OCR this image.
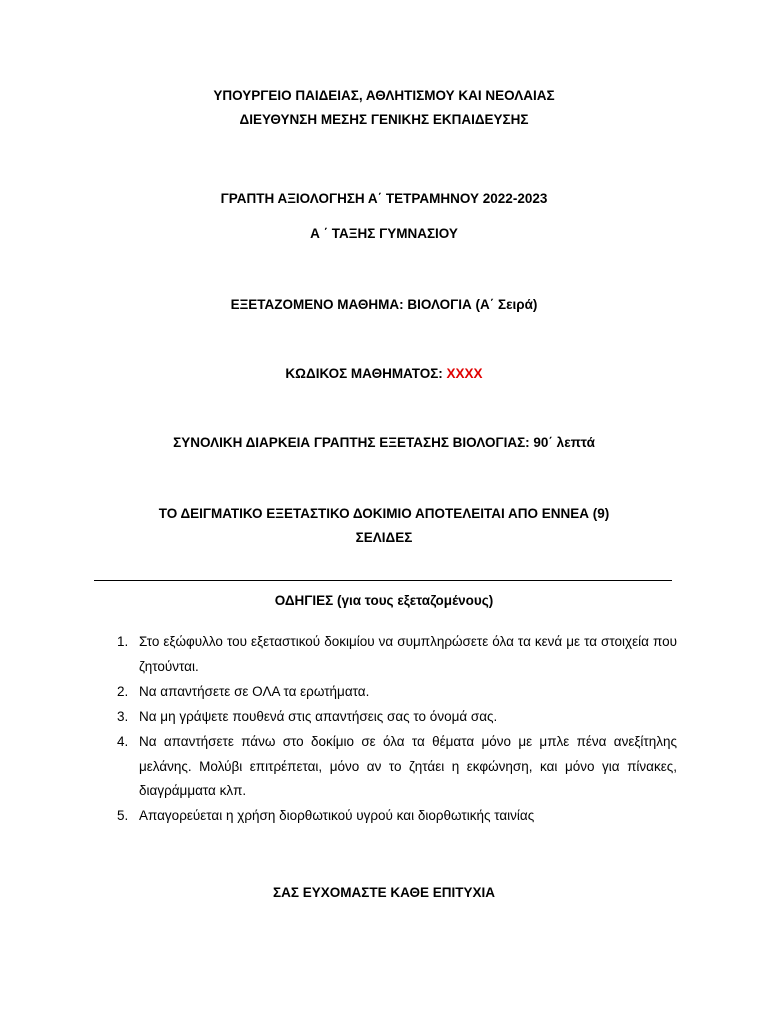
ΥΠΟΥΡΓΕΙΟ ΠΑΙΔΕΙΑΣ, ΑΘΛΗΤΙΣΜΟΥ ΚΑΙ ΝΕΟΛΑΙΑΣ
ΔΙΕΥΘΥΝΣΗ ΜΕΣΗΣ ΓΕΝΙΚΗΣ ΕΚΠΑΙΔΕΥΣΗΣ
ΓΡΑΠΤΗ ΑΞΙΟΛΟΓΗΣΗ Α΄ ΤΕΤΡΑΜΗΝΟΥ 2022-2023
Α ΄ ΤΑΞΗΣ ΓΥΜΝΑΣΙΟΥ
ΕΞΕΤΑΖΟΜΕΝΟ ΜΑΘΗΜΑ: ΒΙΟΛΟΓΙΑ (Α΄ Σειρά)
ΚΩΔΙΚΟΣ ΜΑΘΗΜΑΤΟΣ: XXXX
ΣΥΝΟΛΙΚΗ ΔΙΑΡΚΕΙΑ ΓΡΑΠΤΗΣ ΕΞΕΤΑΣΗΣ ΒΙΟΛΟΓΙΑΣ: 90΄ λεπτά
ΤΟ ΔΕΙΓΜΑΤΙΚΟ ΕΞΕΤΑΣΤΙΚΟ ΔΟΚΙΜΙΟ ΑΠΟΤΕΛΕΙΤΑΙ ΑΠΟ ΕΝΝΕΑ (9)
ΣΕΛΙΔΕΣ
ΟΔΗΓΙΕΣ (για τους εξεταζομένους)
1. Στο εξώφυλλο του εξεταστικού δοκιμίου να συμπληρώσετε όλα τα κενά με τα στοιχεία που ζητούνται.
2. Να απαντήσετε σε ΟΛΑ τα ερωτήματα.
3. Να μη γράψετε πουθενά στις απαντήσεις σας το όνομά σας.
4. Να απαντήσετε πάνω στο δοκίμιο σε όλα τα θέματα μόνο με μπλε πένα ανεξίτηλης μελάνης. Μολύβι επιτρέπεται, μόνο αν το ζητάει η εκφώνηση, και μόνο για πίνακες, διαγράμματα κλπ.
5. Απαγορεύεται η χρήση διορθωτικού υγρού και διορθωτικής ταινίας
ΣΑΣ ΕΥΧΟΜΑΣΤΕ ΚΑΘΕ ΕΠΙΤΥΧΙΑ
